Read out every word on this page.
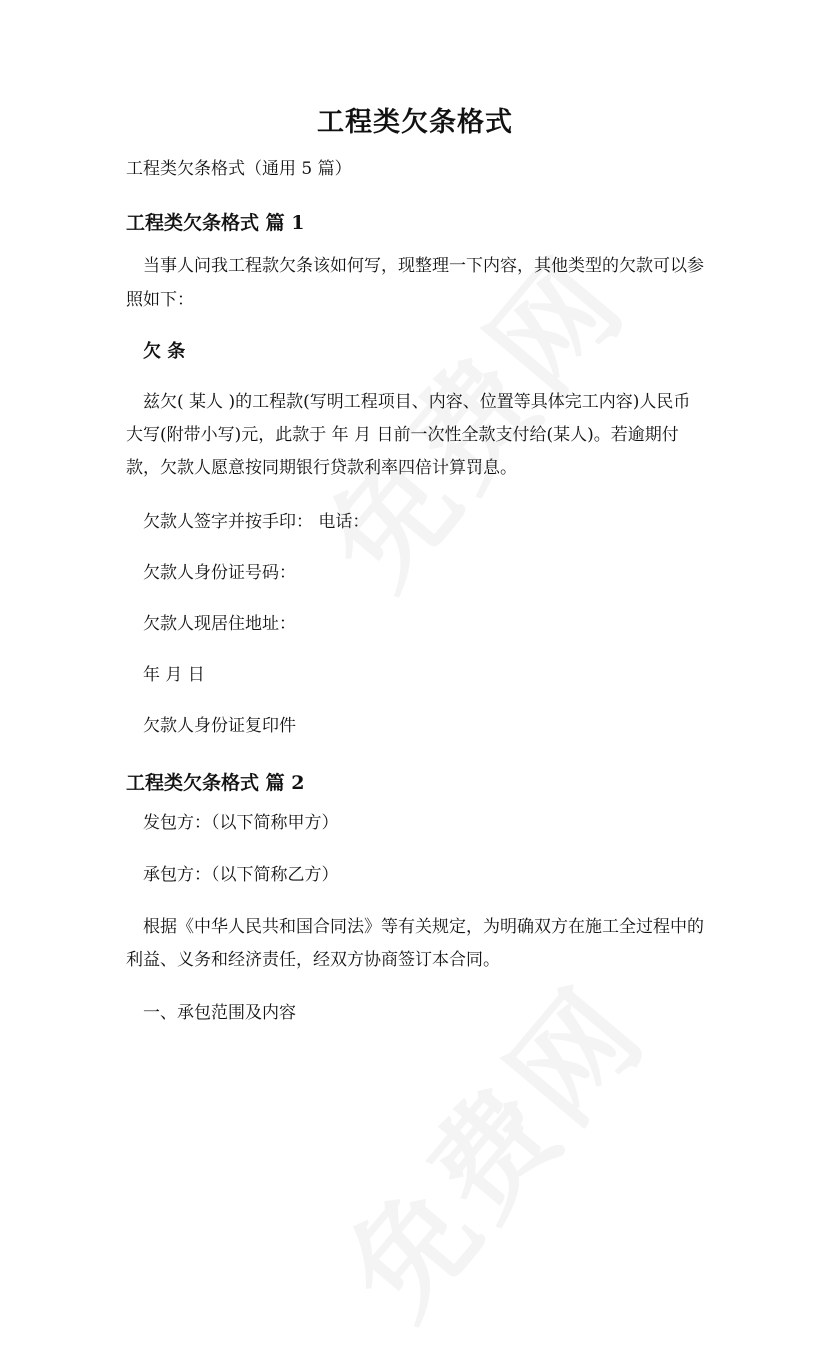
工程类欠条格式
工程类欠条格式（通用 5 篇）
工程类欠条格式 篇 1
当事人问我工程款欠条该如何写，现整理一下内容，其他类型的欠款可以参
照如下：
欠 条
兹欠( 某人 )的工程款(写明工程项目、内容、位置等具体完工内容)人民币
大写(附带小写)元，此款于 年 月 日前一次性全款支付给(某人)。若逾期付
款，欠款人愿意按同期银行贷款利率四倍计算罚息。
欠款人签字并按手印： 电话：
欠款人身份证号码：
欠款人现居住地址：
年 月 日
欠款人身份证复印件
工程类欠条格式 篇 2
发包方：（以下简称甲方）
承包方：（以下简称乙方）
根据《中华人民共和国合同法》等有关规定，为明确双方在施工全过程中的
利益、义务和经济责任，经双方协商签订本合同。
一、承包范围及内容
